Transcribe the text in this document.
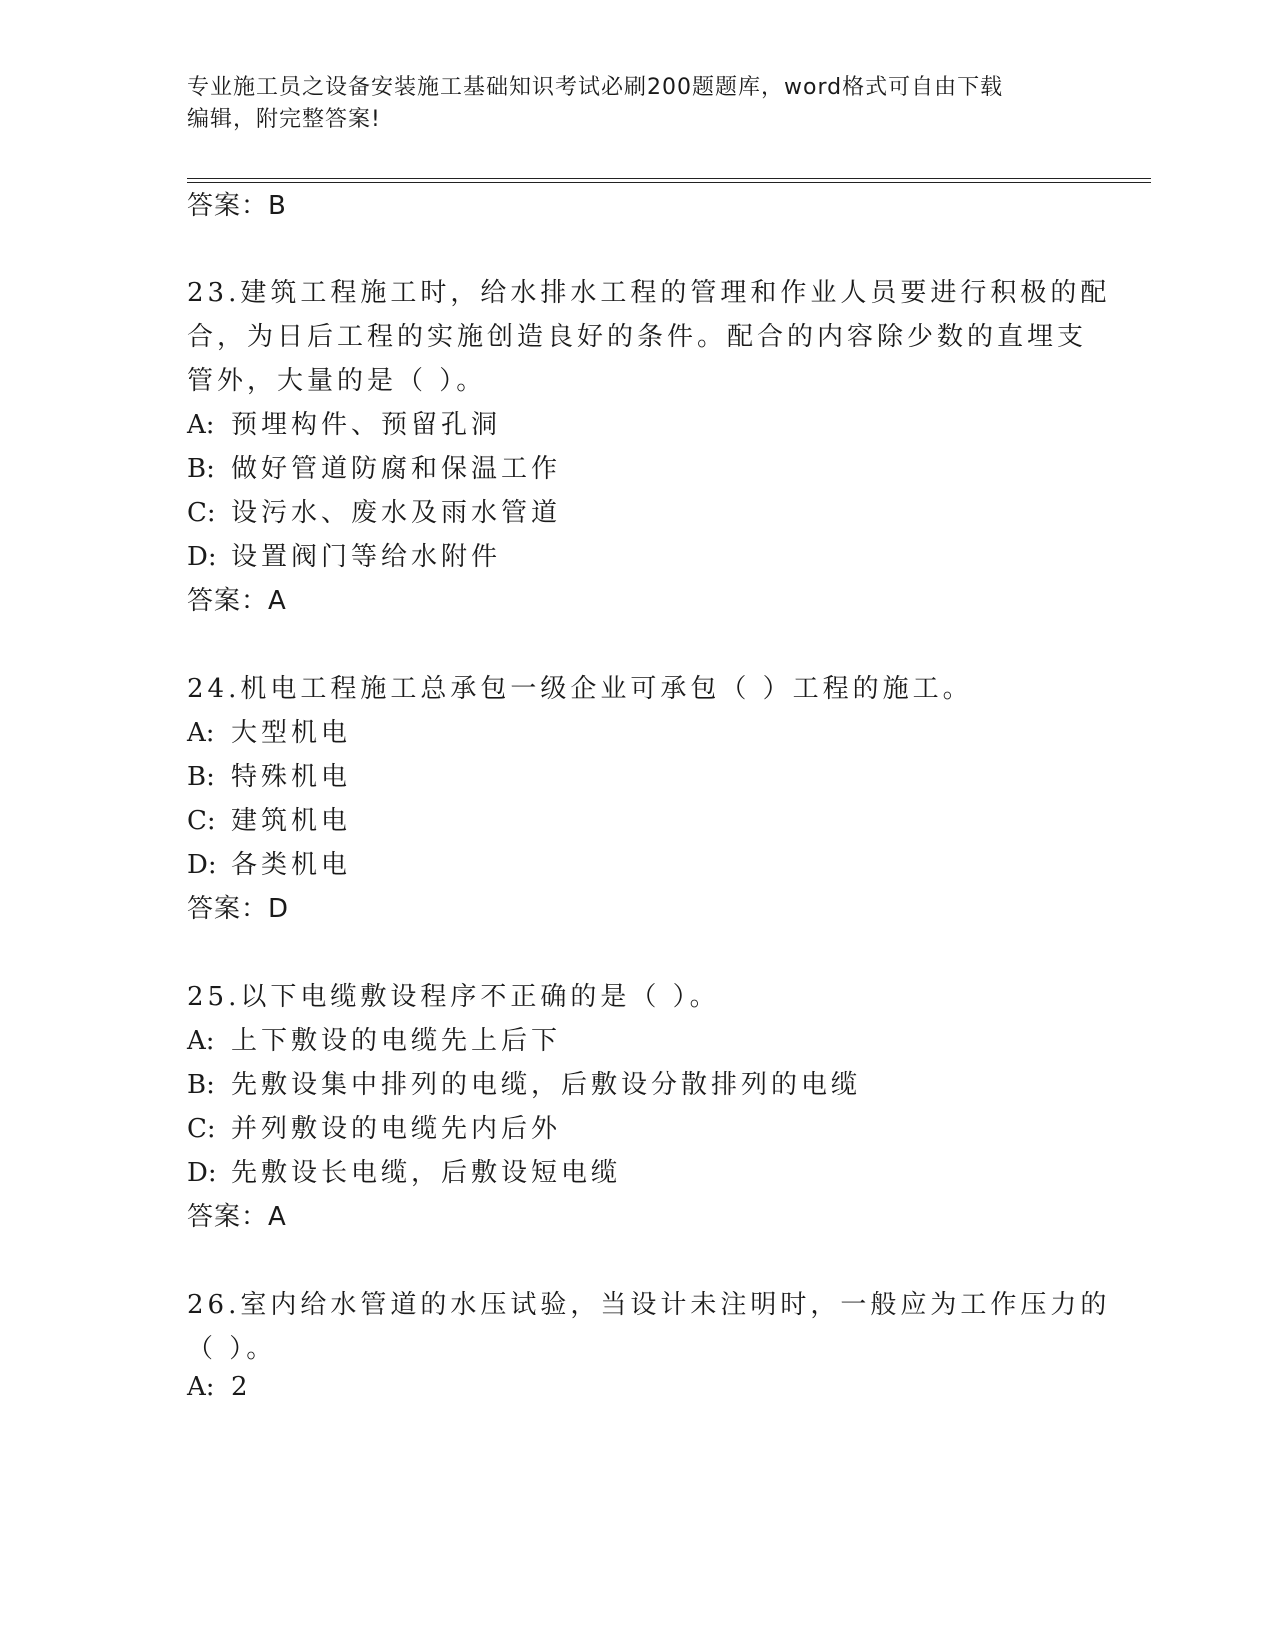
专业施工员之设备安装施工基础知识考试必刷200题题库，word格式可自由下载
编辑，附完整答案!
答案：B
23.建筑工程施工时，给水排水工程的管理和作业人员要进行积极的配
合，为日后工程的实施创造良好的条件。配合的内容除少数的直埋支
管外，大量的是（ ）。
A: 预埋构件、预留孔洞
B: 做好管道防腐和保温工作
C: 设污水、废水及雨水管道
D: 设置阀门等给水附件
答案：A
24.机电工程施工总承包一级企业可承包（ ）工程的施工。
A: 大型机电
B: 特殊机电
C: 建筑机电
D: 各类机电
答案：D
25.以下电缆敷设程序不正确的是（ ）。
A: 上下敷设的电缆先上后下
B: 先敷设集中排列的电缆，后敷设分散排列的电缆
C: 并列敷设的电缆先内后外
D: 先敷设长电缆，后敷设短电缆
答案：A
26.室内给水管道的水压试验，当设计未注明时，一般应为工作压力的
（ ）。
A: 2
